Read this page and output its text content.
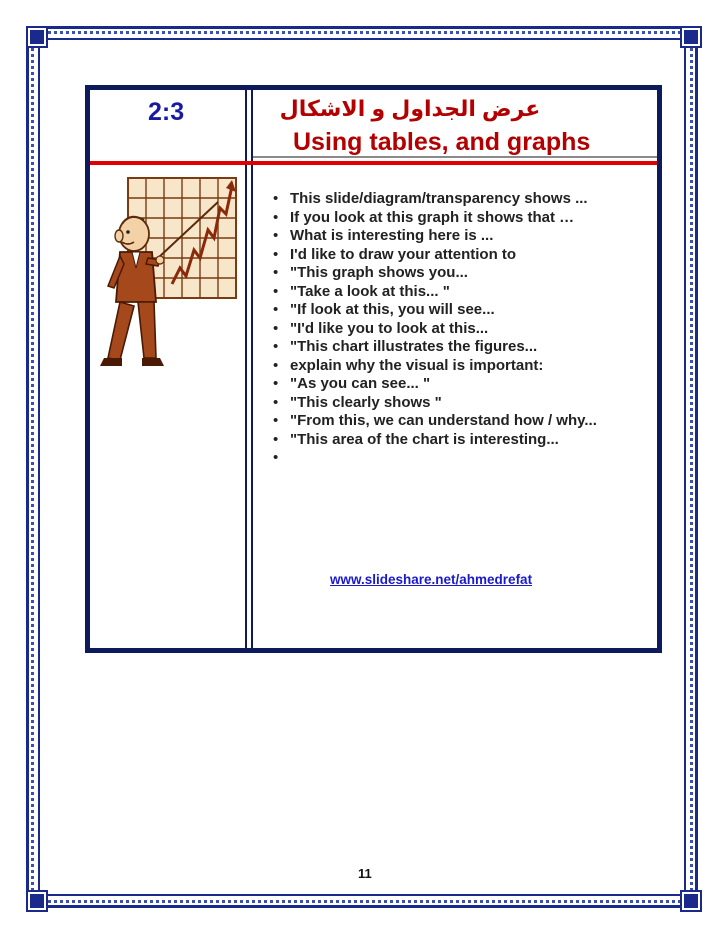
2:3	عرض الجداول و الاشكال
Using tables, and graphs
• This slide/diagram/transparency shows ...
• If you look at this graph it shows that …
• What is interesting here is ...
• I'd like to draw your attention to
• "This graph shows you...
• "Take a look at this... "
• "If look at this, you will see...
• "I'd like you to look at this...
• "This chart illustrates the figures...
• explain why the visual is important:
• "As you can see... "
• "This clearly shows "
• "From this, we can understand how / why...
• "This area of the chart is interesting...
www.slideshare.net/ahmedrefat
11
